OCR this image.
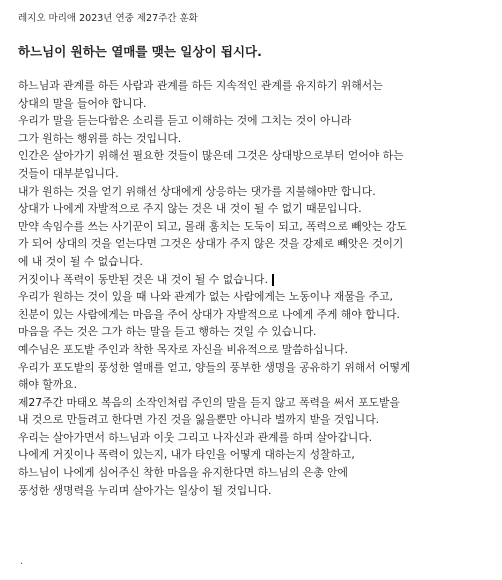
레지오 마리애 2023년 연중 제27주간 훈화
하느님이 원하는 열매를 맺는 일상이 됩시다.
하느님과 관계를 하든 사람과 관계를 하든 지속적인 관계를 유지하기 위해서는
상대의 말을 들어야 합니다.
우리가 말을 듣는다함은 소리를 듣고 이해하는 것에 그치는 것이 아니라
그가 원하는 행위를 하는 것입니다.
인간은 살아가기 위해선 필요한 것들이 많은데 그것은 상대방으로부터 얻어야 하는
것들이 대부분입니다.
내가 원하는 것을 얻기 위해선 상대에게 상응하는 댓가를 지불해야만 합니다.
상대가 나에게 자발적으로 주지 않는 것은 내 것이 될 수 없기 때문입니다.
만약 속임수를 쓰는 사기꾼이 되고, 몰래 훔치는 도둑이 되고, 폭력으로 빼앗는 강도
가 되어 상대의 것을 얻는다면 그것은 상대가 주지 않은 것을 강제로 빼앗은 것이기
에 내 것이 될 수 없습니다.
거짓이나 폭력이 동반된 것은 내 것이 될 수 없습니다.
우리가 원하는 것이 있을 때 나와 관계가 없는 사람에게는 노동이나 재물을 주고,
친분이 있는 사람에게는 마음을 주어 상대가 자발적으로 나에게 주게 해야 합니다.
마음을 주는 것은 그가 하는 말을 듣고 행하는 것일 수 있습니다.
예수님은 포도밭 주인과 착한 목자로 자신을 비유적으로 말씀하십니다.
우리가 포도밭의 풍성한 열매를 얻고, 양들의 풍부한 생명을 공유하기 위해서 어떻게
해야 할까요.
제27주간 마태오 복음의 소작인처럼 주인의 말을 듣지 않고 폭력을 써서 포도밭을
내 것으로 만들려고 한다면 가진 것을 잃을뿐만 아니라 벌까지 받을 것입니다.
우리는 살아가면서 하느님과 이웃 그리고 나자신과 관계를 하며 살아갑니다.
나에게 거짓이나 폭력이 있는지, 내가 타인을 어떻게 대하는지 성찰하고,
하느님이 나에게 심어주신 착한 마음을 유지한다면 하느님의 은총 안에
풍성한 생명력을 누리며 살아가는 일상이 될 것입니다.
.
